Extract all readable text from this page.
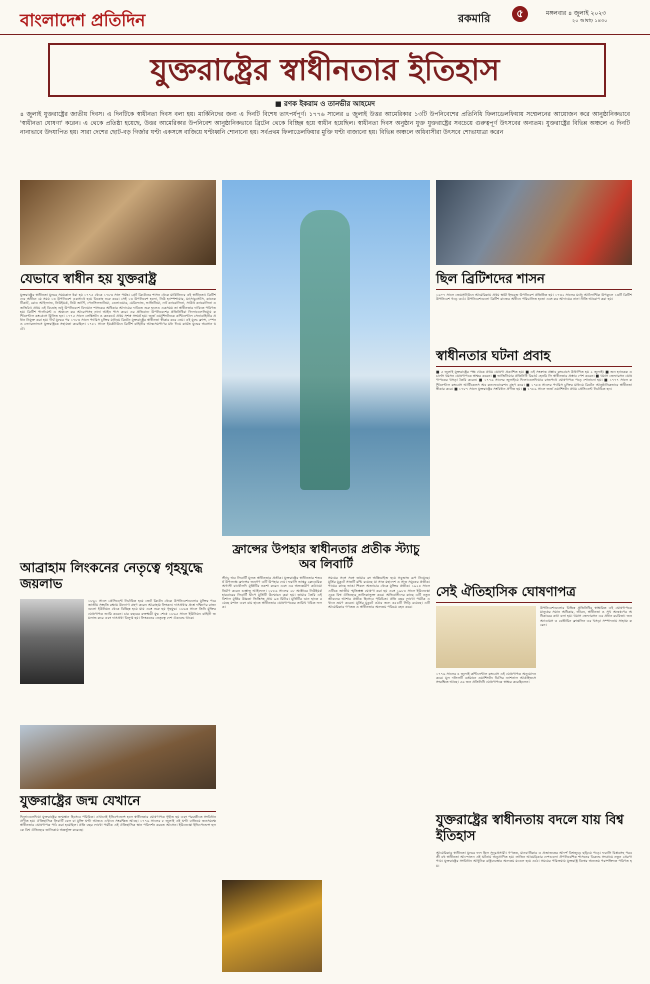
বাংলাদেশ প্রতিদিন	রকমারি	৫	মঙ্গলবার ৪ জুলাই ২০২৩
২০ আষাঢ় ১৪৩০
যুক্তরাষ্ট্রের স্বাধীনতার ইতিহাস
■ রণক ইকরাম ও তানভীর আহমেদ
৪ জুলাই যুক্তরাষ্ট্রের জাতীয় দিবস। এ দিনটিকে স্বাধীনতা দিবস বলা হয়। মার্কিনিদের জন্য এ দিনটি বিশেষ তাৎপর্যপূর্ণ। ১৭৭৬ সালের ৪ জুলাই উত্তর আমেরিকার ১৩টি উপনিবেশের প্রতিনিধি ফিলাডেলফিয়ায় সম্মেলনের আয়োজন করে আনুষ্ঠানিকভাবে 'স্বাধীনতা ঘোষণা' করেন। এ থেকে প্রতিষ্ঠা হয়েছে, উত্তর আমেরিকার উপনিবেশ আনুষ্ঠানিকভাবে ব্রিটেন থেকে বিচ্ছিন্ন হয়ে স্বাধীন হয়েছিল। স্বাধীনতা দিবস অনুষ্ঠান যুক্ত যুক্তরাষ্ট্রের সবচেয়ে গুরুত্বপূর্ণ উৎসবের অন্যতম। যুক্তরাষ্ট্রের বিভিন্ন অঞ্চলে এ দিনটি নানাভাবে উদযাপিত হয়। সারা দেশের ছোট-বড় গির্জার ঘণ্টা একসঙ্গে বাজিয়ে ঘণ্টাধ্বনি শোনানো হয়। সর্বপ্রথম ফিলাডেলফিয়ার মুক্তি ঘণ্টা বাজানো হয়। বিভিন্ন অঞ্চলে অধিবাসীরা উৎসবে শোভাযাত্রা করেন
যেভাবে স্বাধীন হয় যুক্তরাষ্ট্র
যুক্তরাষ্ট্রের স্বাধীনতা যুদ্ধের সময়কাল ধরা হয় ১৭৭৫ থেকে ১৭৮৩ সাল পর্যন্ত। গ্রেট ব্রিটেনের শাসন থেকে মার্কিনিদের এই স্বাধীনতা। ব্রিটিশদের অধীনে যে সময় ১৩ উপনিবেশ একসাথে হয়ে বিদ্রোহ শুরু করে। সেই ১৩ উপনিবেশ হলো, নিউ হ্যাম্পশায়ার, ম্যাসাচুসেটস, কানেকটিকাট, রোড আইল্যান্ড, নিউইয়র্ক, নিউ জার্সি, পেনসিলভানিয়া, ডেলাওয়ার, মেরিল্যান্ড, ভার্জিনিয়া, নর্থ ক্যারোলিনা, সাউথ ক্যারোলিনা ও জর্জিয়া। প্রথম এই বিদ্রোহ শুধু উপনিবেশে বিদ্যমান শাসকের অধিকার আদায়ের দাবিতে শুরু হলেও একসময় তা স্বাধীনতার দাবিতে পরিণত হয়। ব্রিটিশ পার্লামেন্ট এ অঞ্চলে কর আরোপসহ নানা আইন পাস করে। এর প্রতিবাদে উপনিবেশের প্রতিনিধিরা ফিলাডেলফিয়ায় কন্টিনেন্টাল কংগ্রেসে মিলিত হন। ১৭৭৫ সালে লেক্সিংটন ও কনকর্ডে প্রথম সশস্ত্র সংঘর্ষ হয়। জর্জ ওয়াশিংটনকে কন্টিনেন্টাল সেনাবাহিনীর প্রধান নিযুক্ত করা হয়। দীর্ঘ যুদ্ধের পর ১৭৮৩ সালে প্যারিস চুক্তির মাধ্যমে ব্রিটেন যুক্তরাষ্ট্রের স্বাধীনতা স্বীকার করে নেয়। এই যুদ্ধে ফ্রান্স, স্পেন ও নেদারল্যান্ডস যুক্তরাষ্ট্রকে সহায়তা করেছিল। ১৭৮১ সালে ইয়র্কটাউনে ব্রিটিশ বাহিনীর আত্মসমর্পণের মধ্য দিয়ে কার্যত যুদ্ধের অবসান ঘটে।
আব্রাহাম লিংকনের নেতৃত্বে গৃহযুদ্ধে জয়লাভ
১৮৬১ সালে প্রেসিডেন্ট নির্বাচিত হয়ে জেট ব্রিটেন থেকে উপনিবেশগুলোর মুক্তির পরে জাতীয় সংহতি রক্ষায় উদ্যোগ গ্রহণ করেন আব্রাহাম লিংকন। দাসপ্রথার প্রশ্নে দক্ষিণের রাজ্যগুলো ইউনিয়ন থেকে বিচ্ছিন্ন হয়ে যায় এবং শুরু হয় গৃহযুদ্ধ। ১৮৬৩ সালে তিনি মুক্তির ঘোষণাপত্র জারি করেন। চার বছরের রক্তক্ষয়ী যুদ্ধ শেষে ১৮৬৫ সালে ইউনিয়ন বাহিনী জয়লাভ করে এবং দাসপ্রথা বিলুপ্ত হয়। লিংকনের নেতৃত্বে দেশ ঐক্যবদ্ধ থাকে।
যুক্তরাষ্ট্রের জন্ম যেখানে
ফিলাডেলফিয়া যুক্তরাষ্ট্রের জন্মস্থান হিসেবে পরিচিত। এখানেই ইন্ডিপেন্ডেন্স হলে স্বাধীনতার ঘোষণাপত্র গৃহীত হয় এবং পরবর্তীতে সংবিধান প্রণীত হয়। ঐতিহাসিক লিবার্টি বেল বা মুক্তি ঘণ্টা আজও এখানে সংরক্ষিত আছে। ১৭৭৬ সালের ৮ জুলাই এই ঘণ্টা বাজিয়ে জনসমক্ষে স্বাধীনতার ঘোষণাপত্র পাঠ করা হয়েছিল। প্রতি বছর লাখো পর্যটক এই ঐতিহাসিক স্থান পরিদর্শন করতে আসেন। ইউনেস্কো ইন্ডিপেন্ডেন্স হলকে বিশ্ব ঐতিহ্যের তালিকায় অন্তর্ভুক্ত করেছে।
ফ্রান্সের উপহার স্বাধীনতার প্রতীক স্ট্যাচু অব লিবার্টি
স্ট্যাচু অব লিবার্টি মূলত স্বাধীনতার প্রতীক। যুক্তরাষ্ট্রের স্বাধীনতার শতবর্ষ উপলক্ষে ফ্রান্সের জনগণ এটি উপহার দেয়। ফরাসি ভাস্কর ফ্রেডেরিক অগাস্ট বার্থোলদি মূর্তিটির নকশা করেন এবং এর অভ্যন্তরীণ কাঠামো নির্মাণ করেন গুস্তাভ আইফেল। ১৮৮৬ সালের ২৮ অক্টোবর নিউইয়র্ক হারবারের লিবার্টি দ্বীপে মূর্তিটি উন্মোচন করা হয়। তামার তৈরি এই বিশাল মূর্তির উচ্চতা ভিত্তিসহ প্রায় ৯৩ মিটার। মূর্তিটির ডান হাতে রয়েছে মশাল এবং বাম হাতে স্বাধীনতার ঘোষণাপত্রের তারিখ খচিত ফলক।
সময়ের সঙ্গে সঙ্গে তামার রং অক্সিডাইজ হয়ে সবুজাভ রূপ নিয়েছে। মূর্তির মুকুটে সাতটি রশ্মি রয়েছে যা সাত মহাদেশ ও সাত সমুদ্রের প্রতীক। পায়ের কাছে ভাঙা শিকল অত্যাচার থেকে মুক্তির প্রতীক। ১৯২৪ সালে এটিকে জাতীয় স্মৃতিস্তম্ভ ঘোষণা করা হয় এবং ১৯৮৪ সালে ইউনেস্কো একে বিশ্ব ঐতিহ্যের তালিকাভুক্ত করে। অভিবাসীদের কাছে এটি নতুন জীবনের আশার প্রতীক হিসেবে পরিচিত। প্রতি বছর লাখো পর্যটক এখানে ভ্রমণ করেন। মূর্তির মুকুটে ওঠার জন্য ৩৫৪টি সিঁড়ি রয়েছে। এটি আমেরিকার গণতন্ত্র ও স্বাধীনতার অন্যতম পরিচয় বহন করে।
ছিল ব্রিটিশদের শাসন
১৬০৭ সালে জেমসটাউনে আমেরিকায় প্রথম স্থায়ী ইংরেজ উপনিবেশ প্রতিষ্ঠিত হয়। ১৭৩২ সালের মধ্যে আটলান্টিক উপকূলে ১৩টি ব্রিটিশ উপনিবেশ গড়ে ওঠে। উপনিবেশগুলো ব্রিটিশ রাজের অধীনে পরিচালিত হতো এবং কর আদায়ের নানা নীতি আরোপ করা হয়।
স্বাধীনতার ঘটনা প্রবাহ
■ ৫ জুলাই যুক্তরাষ্ট্রের পক্ষ থেকে প্রথম ঘোষণা প্রকাশিত হয়। ■ এই সংক্রান্ত প্রস্তাব কংগ্রেসে উত্থাপিত হয় ২ জুলাই। ■ জন হ্যানকক ও চার্লস থমসন ঘোষণাপত্রে স্বাক্ষর করেন। ■ ভার্জিনিয়ার প্রতিনিধি রিচার্ড হেনরি লি স্বাধীনতার প্রস্তাব পেশ করেন। ■ থমাস জেফারসন ঘোষণাপত্রের খসড়া তৈরি করেন। ■ ১৭৭৬ সালের জুলাইয়ে ফিলাডেলফিয়ার রাজপথে ঘোষণাপত্র পড়ে শোনানো হয়। ■ ১৭৭৭ সালে কন্টিনেন্টাল কংগ্রেস আর্টিকেলস অব কনফেডারেশন গ্রহণ করে। ■ ১৭৮৩ সালের প্যারিস চুক্তির মাধ্যমে ব্রিটেন আনুষ্ঠানিকভাবে স্বাধীনতা স্বীকার করে। ■ ১৭৮৭ সালে যুক্তরাষ্ট্রের সংবিধান প্রণীত হয়। ■ ১৭৮৯ সালে জর্জ ওয়াশিংটন প্রথম প্রেসিডেন্ট নির্বাচিত হন।
সেই ঐতিহাসিক ঘোষণাপত্র
উপনিবেশগুলোর বিভিন্ন প্রতিনিধির স্বাক্ষরিত এই ঘোষণাপত্রে মানুষের সমান অধিকার, জীবন, স্বাধীনতা ও সুখ অন্বেষণের অধিকারের কথা বলা হয়। থমাস জেফারসন এর প্রধান রচয়িতা। জন অ্যাডামস ও বেঞ্জামিন ফ্রাঙ্কলিন এর খসড়া সম্পাদনায় সাহায্য করেন।
১৭৭৬ সালের ৪ জুলাই কন্টিনেন্টাল কংগ্রেস এই ঘোষণাপত্র অনুমোদন করে। মূল দলিলটি বর্তমানে ওয়াশিংটন ডিসির ন্যাশনাল আর্কাইভসে সংরক্ষিত আছে। ৫৬ জন প্রতিনিধি ঘোষণাপত্রে স্বাক্ষর করেছিলেন।
যুক্তরাষ্ট্রের স্বাধীনতায় বদলে যায় বিশ্ব ইতিহাস
আমেরিকার স্বাধীনতা যুদ্ধের ফল ছিল সুদূরপ্রসারী। গণতন্ত্র, মানবাধিকার ও প্রজাতন্ত্রের আদর্শ বিশ্বজুড়ে ছড়িয়ে পড়ে। ফরাসি বিপ্লবসহ পরবর্তী বহু স্বাধীনতা আন্দোলন এই ঘটনায় অনুপ্রাণিত হয়। লাতিন আমেরিকার দেশগুলো ঔপনিবেশিক শাসনের বিরুদ্ধে সংগ্রামে নতুন প্রেরণা পায়। যুক্তরাষ্ট্রের সংবিধান আধুনিক রাষ্ট্রব্যবস্থার অন্যতম মডেল হয়ে ওঠে। সময়ের পরিক্রমায় যুক্তরাষ্ট্র বিশ্বের অন্যতম পরাশক্তিতে পরিণত হয়।
